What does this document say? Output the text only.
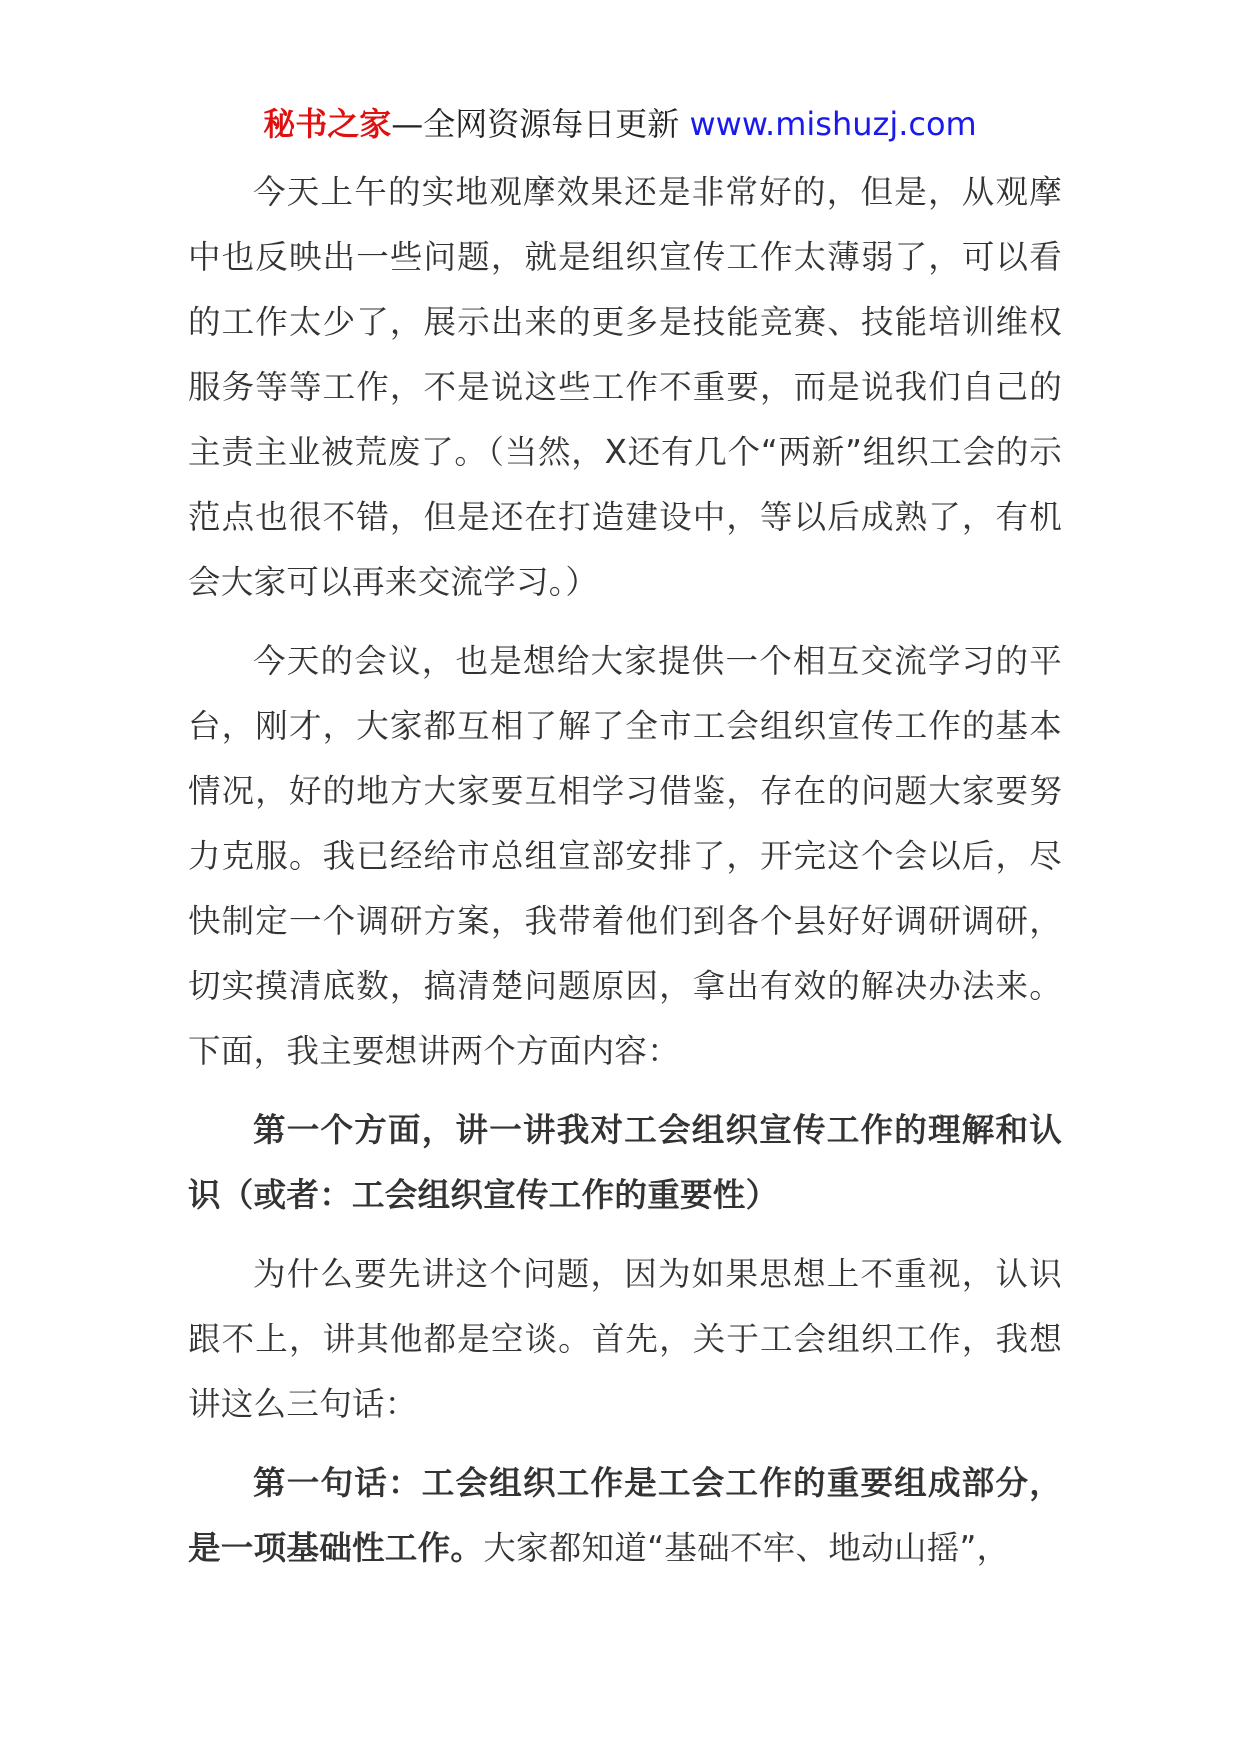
秘书之家—全网资源每日更新 www.mishuzj.com

今天上午的实地观摩效果还是非常好的，但是，从观摩中也反映出一些问题，就是组织宣传工作太薄弱了，可以看的工作太少了，展示出来的更多是技能竞赛、技能培训维权服务等等工作，不是说这些工作不重要，而是说我们自己的主责主业被荒废了。（当然，X还有几个“两新”组织工会的示范点也很不错，但是还在打造建设中，等以后成熟了，有机会大家可以再来交流学习。）

今天的会议，也是想给大家提供一个相互交流学习的平台，刚才，大家都互相了解了全市工会组织宣传工作的基本情况，好的地方大家要互相学习借鉴，存在的问题大家要努力克服。我已经给市总组宣部安排了，开完这个会以后，尽快制定一个调研方案，我带着他们到各个县好好调研调研，切实摸清底数，搞清楚问题原因，拿出有效的解决办法来。下面，我主要想讲两个方面内容：

第一个方面，讲一讲我对工会组织宣传工作的理解和认识（或者：工会组织宣传工作的重要性）

为什么要先讲这个问题，因为如果思想上不重视，认识跟不上，讲其他都是空谈。首先，关于工会组织工作，我想讲这么三句话：

第一句话：工会组织工作是工会工作的重要组成部分，是一项基础性工作。大家都知道“基础不牢、地动山摇”，
